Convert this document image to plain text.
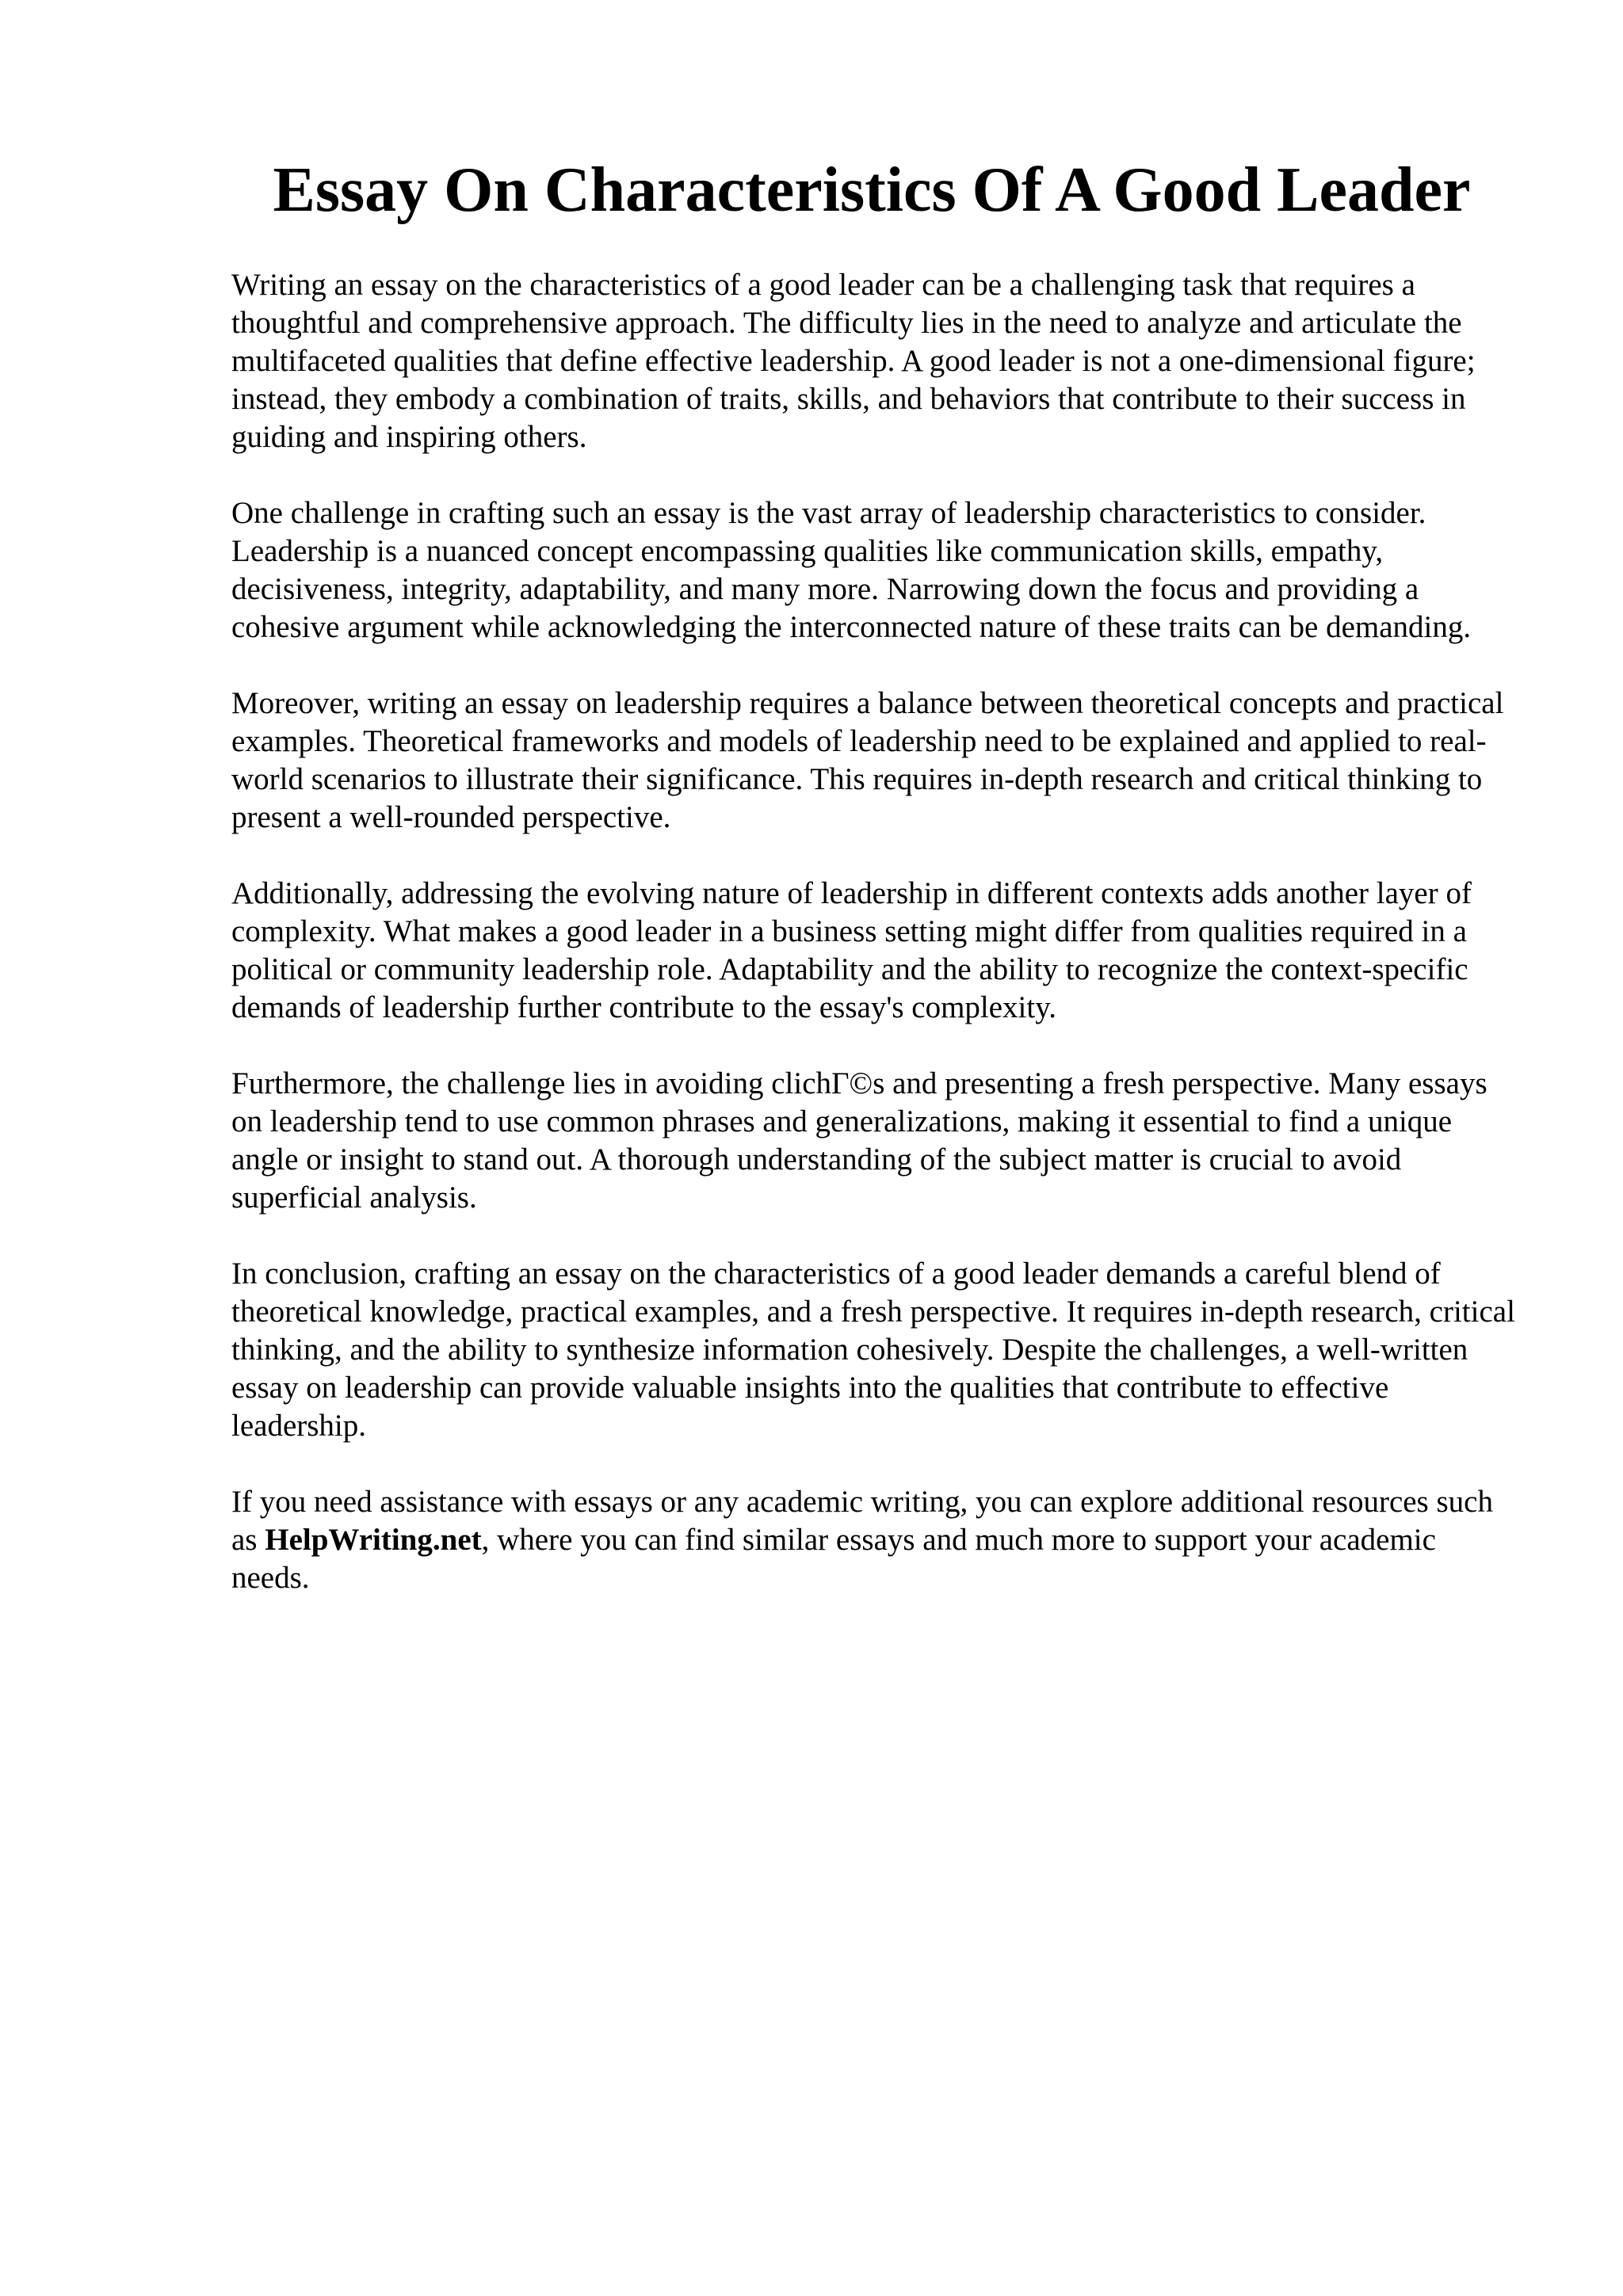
Essay On Characteristics Of A Good Leader

Writing an essay on the characteristics of a good leader can be a challenging task that requires a thoughtful and comprehensive approach. The difficulty lies in the need to analyze and articulate the multifaceted qualities that define effective leadership. A good leader is not a one-dimensional figure; instead, they embody a combination of traits, skills, and behaviors that contribute to their success in guiding and inspiring others.

One challenge in crafting such an essay is the vast array of leadership characteristics to consider. Leadership is a nuanced concept encompassing qualities like communication skills, empathy, decisiveness, integrity, adaptability, and many more. Narrowing down the focus and providing a cohesive argument while acknowledging the interconnected nature of these traits can be demanding.

Moreover, writing an essay on leadership requires a balance between theoretical concepts and practical examples. Theoretical frameworks and models of leadership need to be explained and applied to real-world scenarios to illustrate their significance. This requires in-depth research and critical thinking to present a well-rounded perspective.

Additionally, addressing the evolving nature of leadership in different contexts adds another layer of complexity. What makes a good leader in a business setting might differ from qualities required in a political or community leadership role. Adaptability and the ability to recognize the context-specific demands of leadership further contribute to the essay's complexity.

Furthermore, the challenge lies in avoiding clichГ©s and presenting a fresh perspective. Many essays on leadership tend to use common phrases and generalizations, making it essential to find a unique angle or insight to stand out. A thorough understanding of the subject matter is crucial to avoid superficial analysis.

In conclusion, crafting an essay on the characteristics of a good leader demands a careful blend of theoretical knowledge, practical examples, and a fresh perspective. It requires in-depth research, critical thinking, and the ability to synthesize information cohesively. Despite the challenges, a well-written essay on leadership can provide valuable insights into the qualities that contribute to effective leadership.

If you need assistance with essays or any academic writing, you can explore additional resources such as HelpWriting.net, where you can find similar essays and much more to support your academic needs.
